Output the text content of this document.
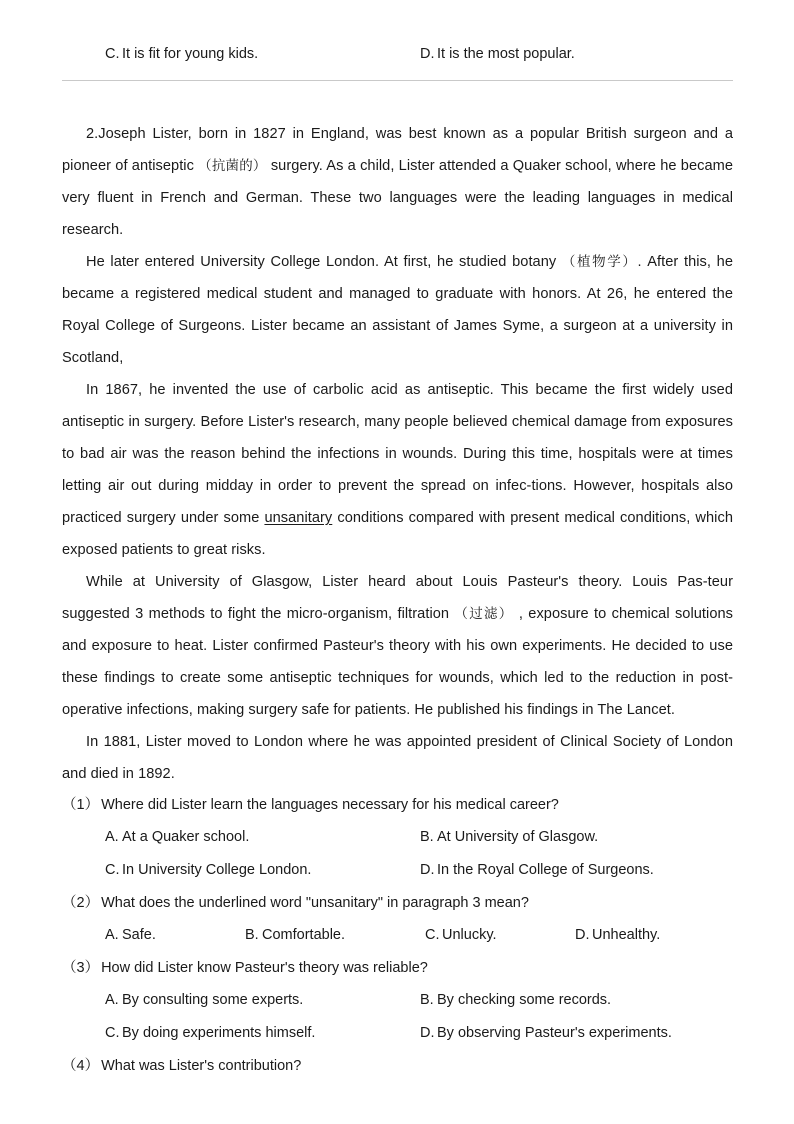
C. It is fit for young kids.	D. It is the most popular.

2.Joseph Lister, born in 1827 in England, was best known as a popular British surgeon and a pioneer of antiseptic （抗菌的） surgery. As a child, Lister attended a Quaker school, where he became very fluent in French and German. These two languages were the leading languages in medical research.

He later entered University College London. At first, he studied botany （植物学）. After this, he became a registered medical student and managed to graduate with honors. At 26, he entered the Royal College of Surgeons. Lister became an assistant of James Syme, a surgeon at a university in Scotland,

In 1867, he invented the use of carbolic acid as antiseptic. This became the first widely used antiseptic in surgery. Before Lister's research, many people believed chemical damage from exposures to bad air was the reason behind the infections in wounds. During this time, hospitals were at times letting air out during midday in order to prevent the spread on infec-tions. However, hospitals also practiced surgery under some unsanitary conditions compared with present medical conditions, which exposed patients to great risks.

While at University of Glasgow, Lister heard about Louis Pasteur's theory. Louis Pas-teur suggested 3 methods to fight the micro-organism, filtration （过滤） , exposure to chemical solutions and exposure to heat. Lister confirmed Pasteur's theory with his own experiments. He decided to use these findings to create some antiseptic techniques for wounds, which led to the reduction in post-operative infections, making surgery safe for patients. He published his findings in The Lancet.

In 1881, Lister moved to London where he was appointed president of Clinical Society of London and died in 1892.

（1） Where did Lister learn the languages necessary for his medical career?

A. At a Quaker school.	B. At University of Glasgow.
C. In University College London.	D. In the Royal College of Surgeons.

（2） What does the underlined word "unsanitary" in paragraph 3 mean?

A. Safe.	B. Comfortable.	C. Unlucky.	D. Unhealthy.

（3） How did Lister know Pasteur's theory was reliable?

A. By consulting some experts.	B. By checking some records.
C. By doing experiments himself.	D. By observing Pasteur's experiments.

（4） What was Lister's contribution?
